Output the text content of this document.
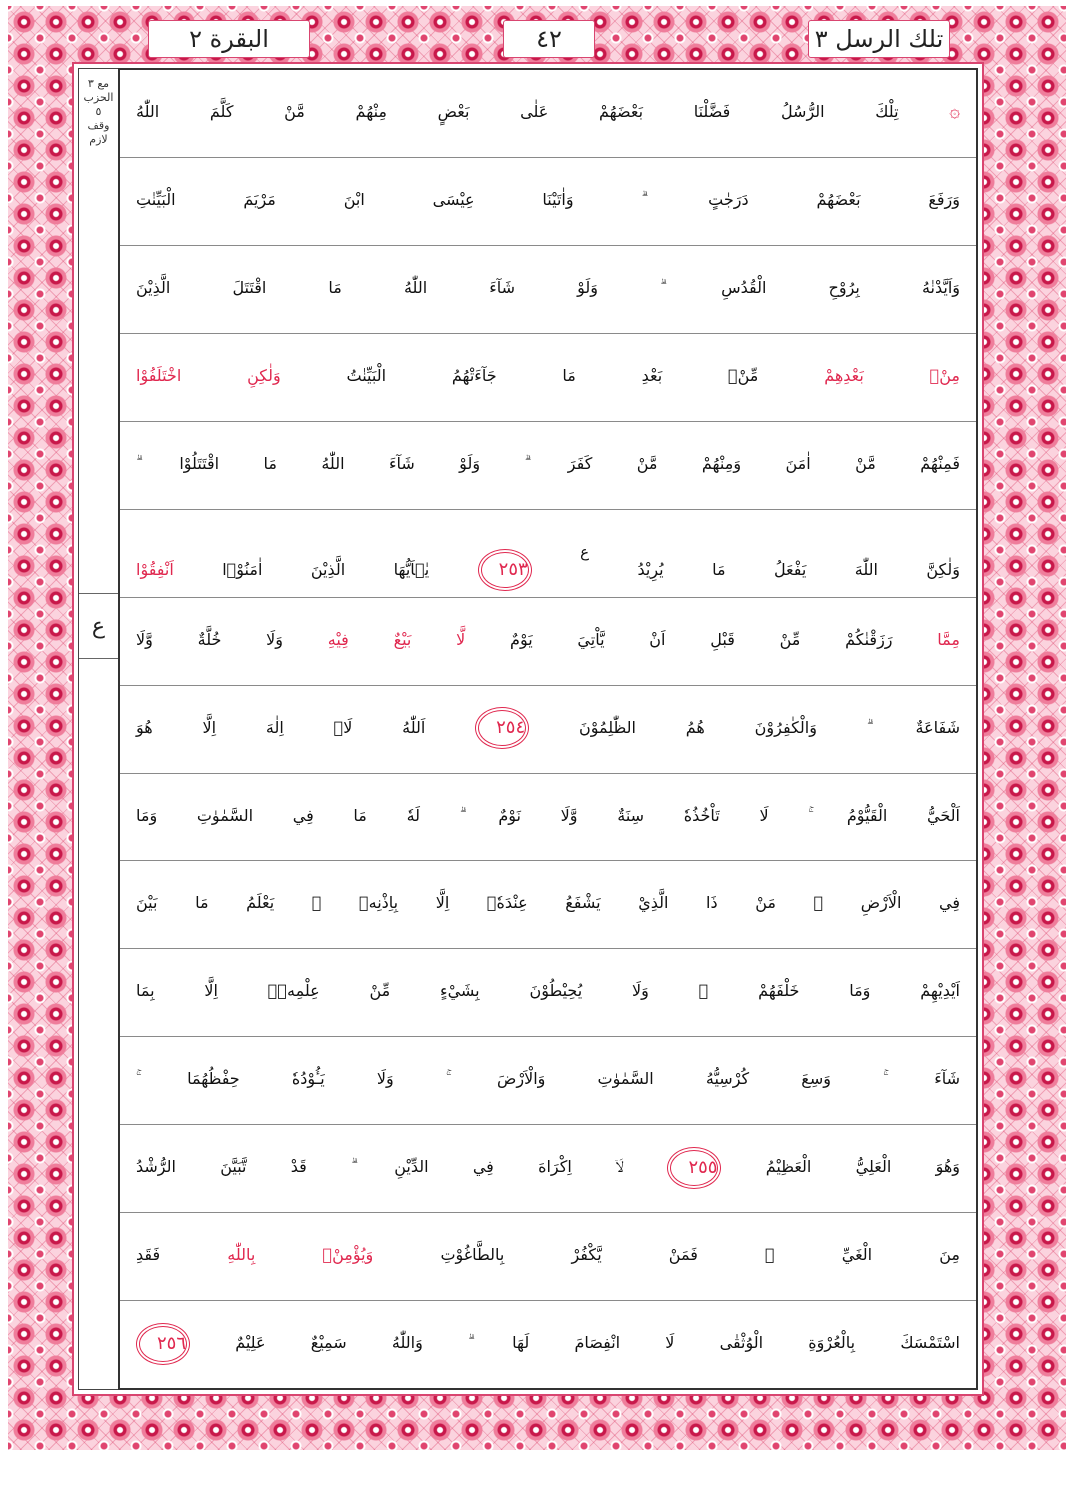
البقرة ٢	٤٢	تلك الرسل ٣
مع ٣
الحزب ٥
وقف لازم
ع
۞ تِلْكَ الرُّسُلُ فَضَّلْنَا بَعْضَهُمْ عَلٰى بَعْضٍ مِنْهُمْ مَّنْ كَلَّمَ اللّٰهُ
وَرَفَعَ بَعْضَهُمْ دَرَجٰتٍ ۗ وَاٰتَيْنَا عِيْسَى ابْنَ مَرْيَمَ الْبَيِّنٰتِ
وَاَيَّدْنٰهُ بِرُوْحِ الْقُدُسِ ۗ وَلَوْ شَآءَ اللّٰهُ مَا اقْتَتَلَ الَّذِيْنَ
مِنْۢ بَعْدِهِمْ مِّنْۢ بَعْدِ مَا جَآءَتْهُمُ الْبَيِّنٰتُ وَلٰكِنِ اخْتَلَفُوْا
فَمِنْهُمْ مَّنْ اٰمَنَ وَمِنْهُمْ مَّنْ كَفَرَ ۗ وَلَوْ شَآءَ اللّٰهُ مَا اقْتَتَلُوْا ۗ
وَلٰكِنَّ اللّٰهَ يَفْعَلُ مَا يُرِيْدُ ع ٢٥٣ يٰۤاَيُّهَا الَّذِيْنَ اٰمَنُوْۤا اَنْفِقُوْا
مِمَّا رَزَقْنٰكُمْ مِّنْ قَبْلِ اَنْ يَّاْتِيَ يَوْمٌ لَّا بَيْعٌ فِيْهِ وَلَا خُلَّةٌ وَّلَا
شَفَاعَةٌ ۗ وَالْكٰفِرُوْنَ هُمُ الظّٰلِمُوْنَ ٢٥٤ اَللّٰهُ لَاۤ اِلٰهَ اِلَّا هُوَ
اَلْحَيُّ الْقَيُّوْمُ ۚ لَا تَاْخُذُهٗ سِنَةٌ وَّلَا نَوْمٌ ۗ لَهٗ مَا فِي السَّمٰوٰتِ وَمَا
فِي الْاَرْضِ ۗ مَنْ ذَا الَّذِيْ يَشْفَعُ عِنْدَهٗۤ اِلَّا بِاِذْنِهٖ ۗ يَعْلَمُ مَا بَيْنَ
اَيْدِيْهِمْ وَمَا خَلْفَهُمْ ۚ وَلَا يُحِيْطُوْنَ بِشَيْءٍ مِّنْ عِلْمِهٖۤ اِلَّا بِمَا
شَآءَ ۚ وَسِعَ كُرْسِيُّهُ السَّمٰوٰتِ وَالْاَرْضَ ۚ وَلَا يَـُٔوْدُهٗ حِفْظُهُمَا ۚ
وَهُوَ الْعَلِيُّ الْعَظِيْمُ ٢٥٥ لَاۤ اِكْرَاهَ فِي الدِّيْنِ ۗ قَدْ تَّبَيَّنَ الرُّشْدُ
مِنَ الْغَيِّ ۚ فَمَنْ يَّكْفُرْ بِالطَّاغُوْتِ وَيُؤْمِنْۢ بِاللّٰهِ فَقَدِ
اسْتَمْسَكَ بِالْعُرْوَةِ الْوُثْقٰى لَا انْفِصَامَ لَهَا ۗ وَاللّٰهُ سَمِيْعٌ عَلِيْمٌ ٢٥٦
